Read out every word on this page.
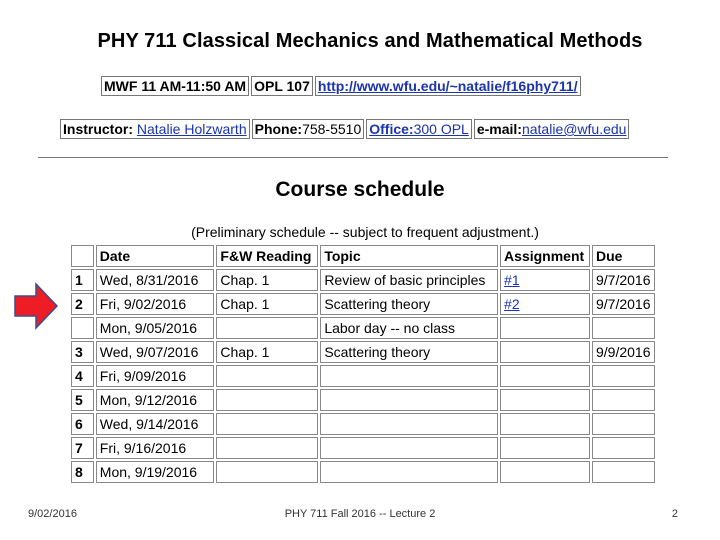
PHY 711 Classical Mechanics and Mathematical Methods
MWF 11 AM-11:50 AM	OPL 107	http://www.wfu.edu/~natalie/f16phy711/
Instructor: Natalie Holzwarth	Phone:758-5510	Office:300 OPL	e-mail:natalie@wfu.edu
Course schedule
(Preliminary schedule -- subject to frequent adjustment.)
	Date	F&W Reading	Topic	Assignment	Due
1	Wed, 8/31/2016	Chap. 1	Review of basic principles	#1	9/7/2016
2	Fri, 9/02/2016	Chap. 1	Scattering theory	#2	9/7/2016
	Mon, 9/05/2016		Labor day -- no class		
3	Wed, 9/07/2016	Chap. 1	Scattering theory		9/9/2016
4	Fri, 9/09/2016				
5	Mon, 9/12/2016				
6	Wed, 9/14/2016				
7	Fri, 9/16/2016				
8	Mon, 9/19/2016				
9/02/2016	PHY 711 Fall 2016 -- Lecture 2	2
